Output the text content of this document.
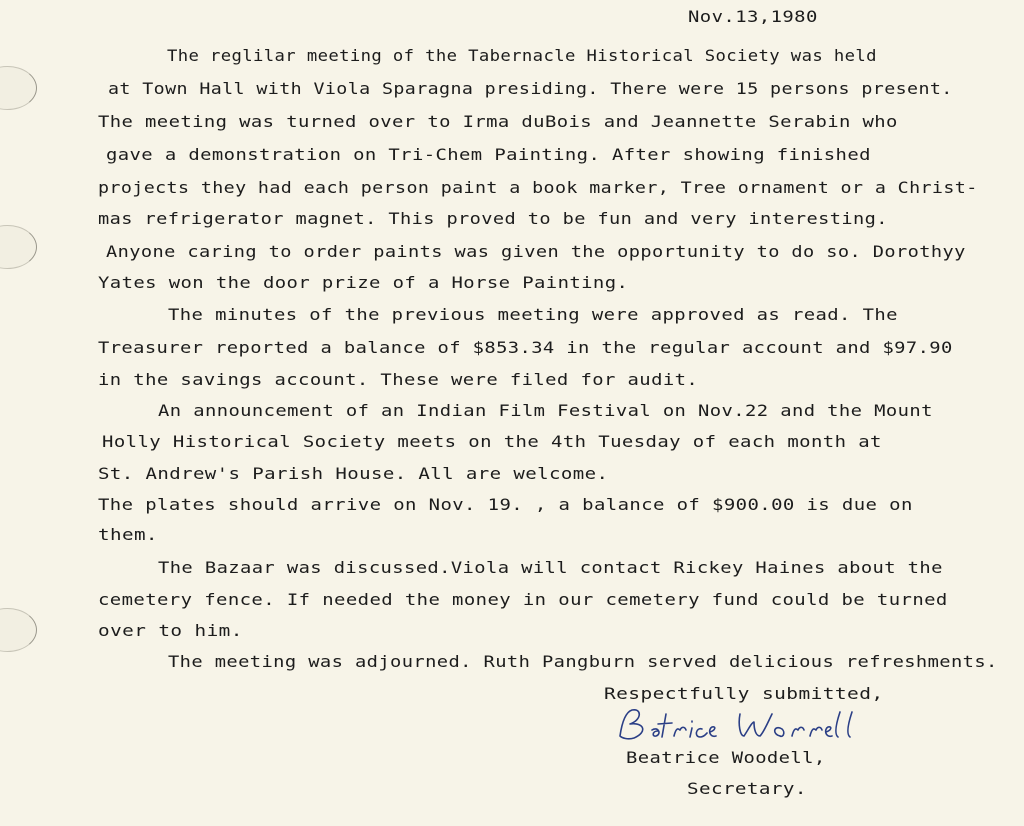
Nov.13,1980
The reglilar meeting of the Tabernacle Historical Society was held
at Town Hall with Viola Sparagna presiding. There were 15 persons present.
The meeting was turned over to Irma duBois and Jeannette Serabin who
gave a demonstration on Tri-Chem Painting. After showing finished
projects they had each person paint a book marker, Tree ornament or a Christ-
mas refrigerator magnet. This proved to be fun and very interesting.
Anyone caring to order paints was given the opportunity to do so. Dorothyy
Yates won the door prize of a Horse Painting.
The minutes of the previous meeting were approved as read. The
Treasurer reported a balance of $853.34 in the regular account and $97.90
in the savings account. These were filed for audit.
An announcement of an Indian Film Festival on Nov.22 and the Mount
Holly Historical Society meets on the 4th Tuesday of each month at
St. Andrew's Parish House. All are welcome.
The plates should arrive on Nov. 19. , a balance of $900.00 is due on
them.
The Bazaar was discussed.Viola will contact Rickey Haines about the
cemetery fence. If needed the money in our cemetery fund could be turned
over to him.
The meeting was adjourned. Ruth Pangburn served delicious refreshments.
Respectfully submitted,
Beatrice Woodell,
Secretary.
